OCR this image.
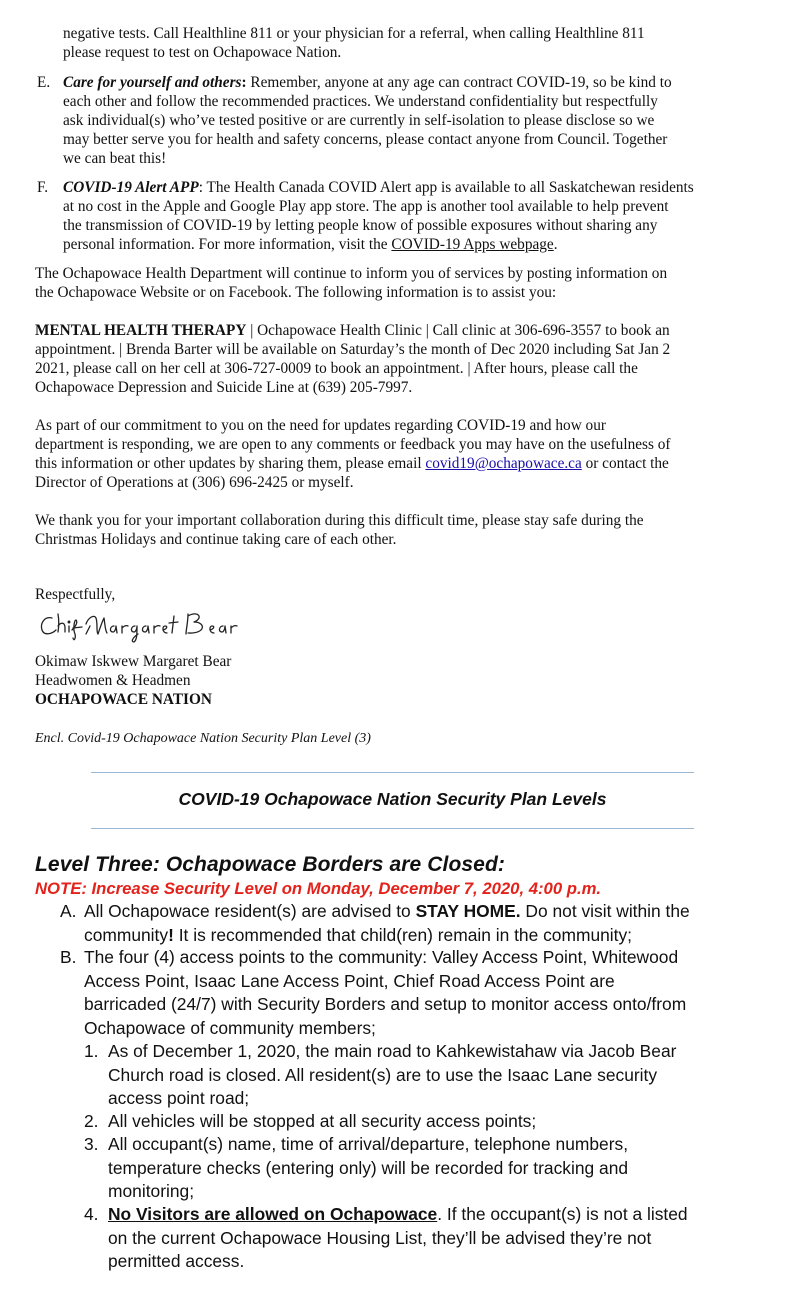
negative tests. Call Healthline 811 or your physician for a referral, when calling Healthline 811
please request to test on Ochapowace Nation.
E. Care for yourself and others: Remember, anyone at any age can contract COVID-19, so be kind to

each other and follow the recommended practices. We understand confidentiality but respectfully

ask individual(s) who’ve tested positive or are currently in self-isolation to please disclose so we

may better serve you for health and safety concerns, please contact anyone from Council. Together

we can beat this!

F. COVID-19 Alert APP: The Health Canada COVID Alert app is available to all Saskatchewan residents

at no cost in the Apple and Google Play app store. The app is another tool available to help prevent

the transmission of COVID-19 by letting people know of possible exposures without sharing any

personal information. For more information, visit the COVID-19 Apps webpage.

The Ochapowace Health Department will continue to inform you of services by posting information on
the Ochapowace Website or on Facebook. The following information is to assist you:
MENTAL HEALTH THERAPY | Ochapowace Health Clinic | Call clinic at 306-696-3557 to book an
appointment. | Brenda Barter will be available on Saturday’s the month of Dec 2020 including Sat Jan 2
2021, please call on her cell at 306-727-0009 to book an appointment. | After hours, please call the
Ochapowace Depression and Suicide Line at (639) 205-7997.
As part of our commitment to you on the need for updates regarding COVID-19 and how our
department is responding, we are open to any comments or feedback you may have on the usefulness of
this information or other updates by sharing them, please email covid19@ochapowace.ca or contact the
Director of Operations at (306) 696-2425 or myself.
We thank you for your important collaboration during this difficult time, please stay safe during the
Christmas Holidays and continue taking care of each other.
Respectfully,
Okimaw Iskwew Margaret Bear
Headwomen & Headmen
OCHAPOWACE NATION
Encl. Covid-19 Ochapowace Nation Security Plan Level (3)
COVID-19 Ochapowace Nation Security Plan Levels
Level Three: Ochapowace Borders are Closed:
NOTE: Increase Security Level on Monday, December 7, 2020, 4:00 p.m.
A. All Ochapowace resident(s) are advised to STAY HOME. Do not visit within the

community! It is recommended that child(ren) remain in the community;

B. The four (4) access points to the community: Valley Access Point, Whitewood

Access Point, Isaac Lane Access Point, Chief Road Access Point are

barricaded (24/7) with Security Borders and setup to monitor access onto/from

Ochapowace of community members;

1. As of December 1, 2020, the main road to Kahkewistahaw via Jacob Bear

Church road is closed. All resident(s) are to use the Isaac Lane security

access point road;

2. All vehicles will be stopped at all security access points;

3. All occupant(s) name, time of arrival/departure, telephone numbers,

temperature checks (entering only) will be recorded for tracking and

monitoring;

4. No Visitors are allowed on Ochapowace. If the occupant(s) is not a listed

on the current Ochapowace Housing List, they’ll be advised they’re not

permitted access.
